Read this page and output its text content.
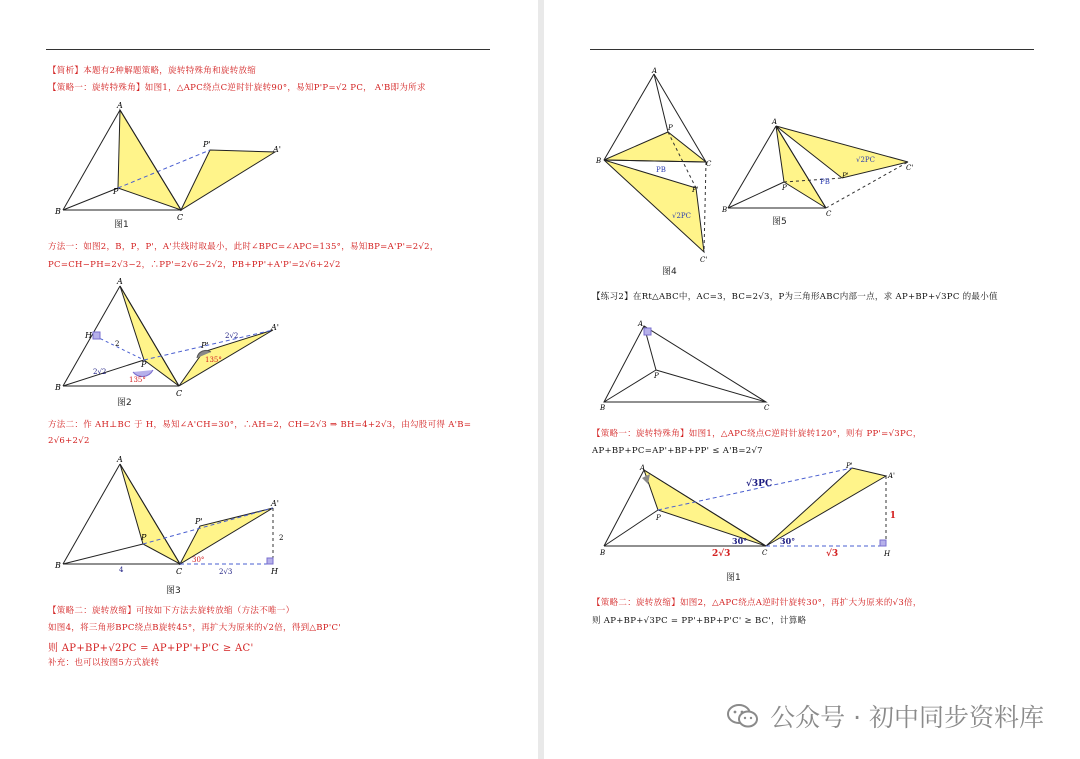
【简析】本题有2种解题策略，旋转特殊角和旋转放缩
【策略一：旋转特殊角】如图1，△APC绕点C逆时针旋转90°，易知P'P=√2 PC， A'B即为所求
A
B
C
P
P'
A'
图1
方法一：如图2，B，P，P'，A'共线时取最小，此时∠BPC=∠APC=135°，易知BP=A'P'=2√2，
PC=CH−PH=2√3−2，∴PP'=2√6−2√2，PB+PP'+A'P'=2√6+2√2
A
B
C
P
H
P'
A'
2
2√2
2√2
135°
135°
图2
方法二：作 AH⊥BC 于 H，易知∠A'CH=30°，∴AH=2，CH=2√3 ⇒ BH=4+2√3，由勾股可得 A'B=
2√6+2√2
A
B
C
P
P'
A'
H
4
2
2√3
30°
图3
【策略二：旋转放缩】可按如下方法去旋转放缩（方法不唯一）
如图4，将三角形BPC绕点B旋转45°，再扩大为原来的√2倍，得到△BP'C'
则 AP+BP+√2PC = AP+PP'+P'C ≥ AC'
补充：也可以按图5方式旋转
A
B	C
P
P'
C'
PB
√2PC
图4
A
B	C
P
P'
C'
PB
√2PC
图5
【练习2】在Rt△ABC中，AC=3，BC=2√3，P为三角形ABC内部一点，求 AP+BP+√3PC 的最小值
A
B	C
P
【策略一：旋转特殊角】如图1，△APC绕点C逆时针旋转120°，则有 PP'=√3PC，
AP+BP+PC=AP'+BP+PP' ≤ A'B=2√7
A
B	C
P
P'
A'
H
√3PC
1
2√3	√3
30°	30°
图1
【策略二：旋转放缩】如图2，△APC绕点A逆时针旋转30°，再扩大为原来的√3倍，
则 AP+BP+√3PC = PP'+BP+P'C' ≥ BC'，计算略
公众号 · 初中同步资料库
